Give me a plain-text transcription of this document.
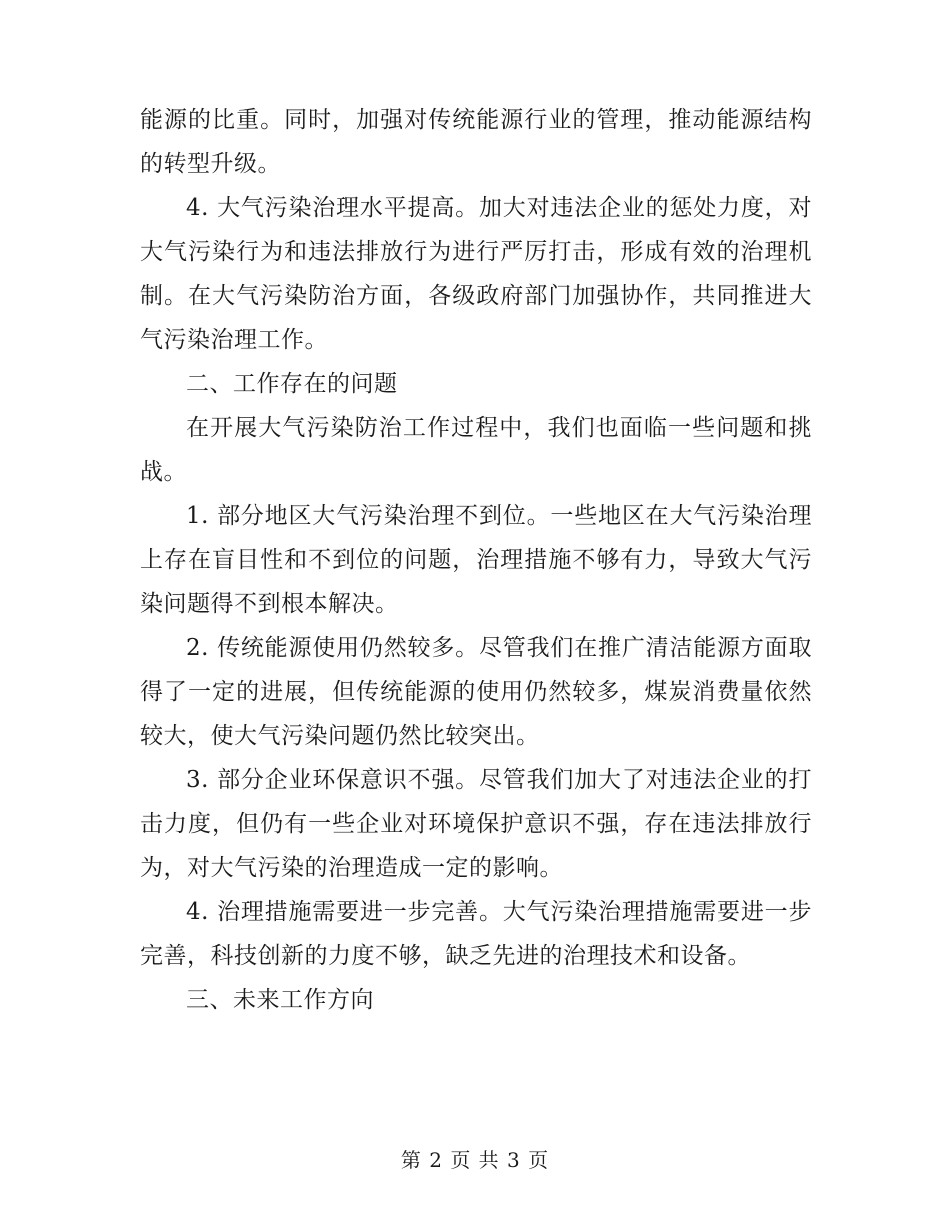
能源的比重。同时，加强对传统能源行业的管理，推动能源结构的转型升级。

4. 大气污染治理水平提高。加大对违法企业的惩处力度，对大气污染行为和违法排放行为进行严厉打击，形成有效的治理机制。在大气污染防治方面，各级政府部门加强协作，共同推进大气污染治理工作。

二、工作存在的问题

在开展大气污染防治工作过程中，我们也面临一些问题和挑战。

1. 部分地区大气污染治理不到位。一些地区在大气污染治理上存在盲目性和不到位的问题，治理措施不够有力，导致大气污染问题得不到根本解决。

2. 传统能源使用仍然较多。尽管我们在推广清洁能源方面取得了一定的进展，但传统能源的使用仍然较多，煤炭消费量依然较大，使大气污染问题仍然比较突出。

3. 部分企业环保意识不强。尽管我们加大了对违法企业的打击力度，但仍有一些企业对环境保护意识不强，存在违法排放行为，对大气污染的治理造成一定的影响。

4. 治理措施需要进一步完善。大气污染治理措施需要进一步完善，科技创新的力度不够，缺乏先进的治理技术和设备。

三、未来工作方向

第 2 页 共 3 页
